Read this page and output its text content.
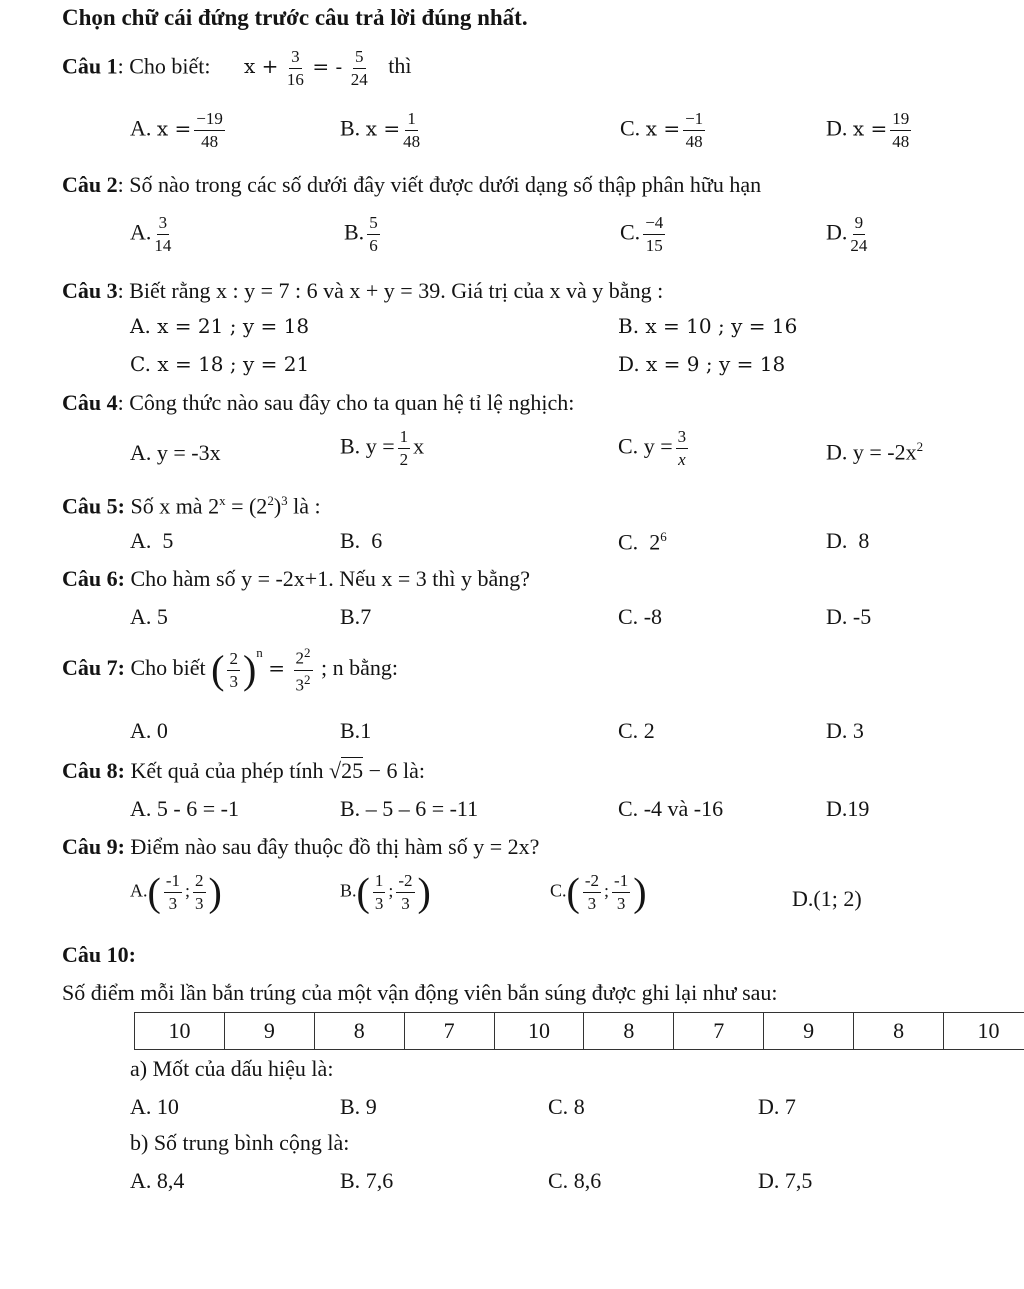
Chọn chữ cái đứng trước câu trả lời đúng nhất.
Câu 1: Cho biết: $x + \frac{3}{16}$ = - $\frac{5}{24}$ thì
A. $x = \frac{-19}{48}$	B. $x = \frac{1}{48}$	C. $x = \frac{-1}{48}$	D. $x = \frac{19}{48}$
Câu 2: Số nào trong các số dưới đây viết được dưới dạng số thập phân hữu hạn
A. $\frac{3}{14}$	B. $\frac{5}{6}$	C. $\frac{-4}{15}$	D. $\frac{9}{24}$
Câu 3: Biết rằng x : y = 7 : 6 và x + y = 39. Giá trị của x và y bằng :
A. x = 21 ; y = 18	B. x = 10 ; y = 16
C. x = 18 ; y = 21	D. x = 9 ; y = 18
Câu 4: Công thức nào sau đây cho ta quan hệ tỉ lệ nghịch:
A. y = -3x	B. $y = \frac{1}{2}$ x	C. $y = \frac{3}{x}$	D. $y = -2x^2$
Câu 5: Số x mà $2^x = (2^2)^3$ là :
A. 5	B. 6	C. $2^6$	D. 8
Câu 6: Cho hàm số y = -2x+1. Nếu x = 3 thì y bằng?
A. 5	B.7	C. -8	D. -5
Câu 7: Cho biết ( $\frac{2}{3} )^n = \frac{2^2}{3^2}$ ; n bằng:
A. 0	B.1	C. 2	D. 3
Câu 8: Kết quả của phép tính √25 − 6 là:
A. 5 - 6 = -1	B. – 5 – 6 = -11	C. -4 và -16	D.19
Câu 9: Điểm nào sau đây thuộc đồ thị hàm số y = 2x?
$A.( \frac{-1}{3}$ ; $\frac{2}{3}$ )	$B.( \frac{1}{3}$ ; $\frac{-2}{3}$ )	$C.( \frac{-2}{3}$ ; $\frac{-1}{3}$ )	D.(1; 2)
Câu 10:
Số điểm mỗi lần bắn trúng của một vận động viên bắn súng được ghi lại như sau:
10	9	8	7	10	8	7	9	8	10
a) Mốt của dấu hiệu là:
A. 10	B. 9	C. 8	D. 7
b) Số trung bình cộng là:
A. 8,4	B. 7,6	C. 8,6	D. 7,5
